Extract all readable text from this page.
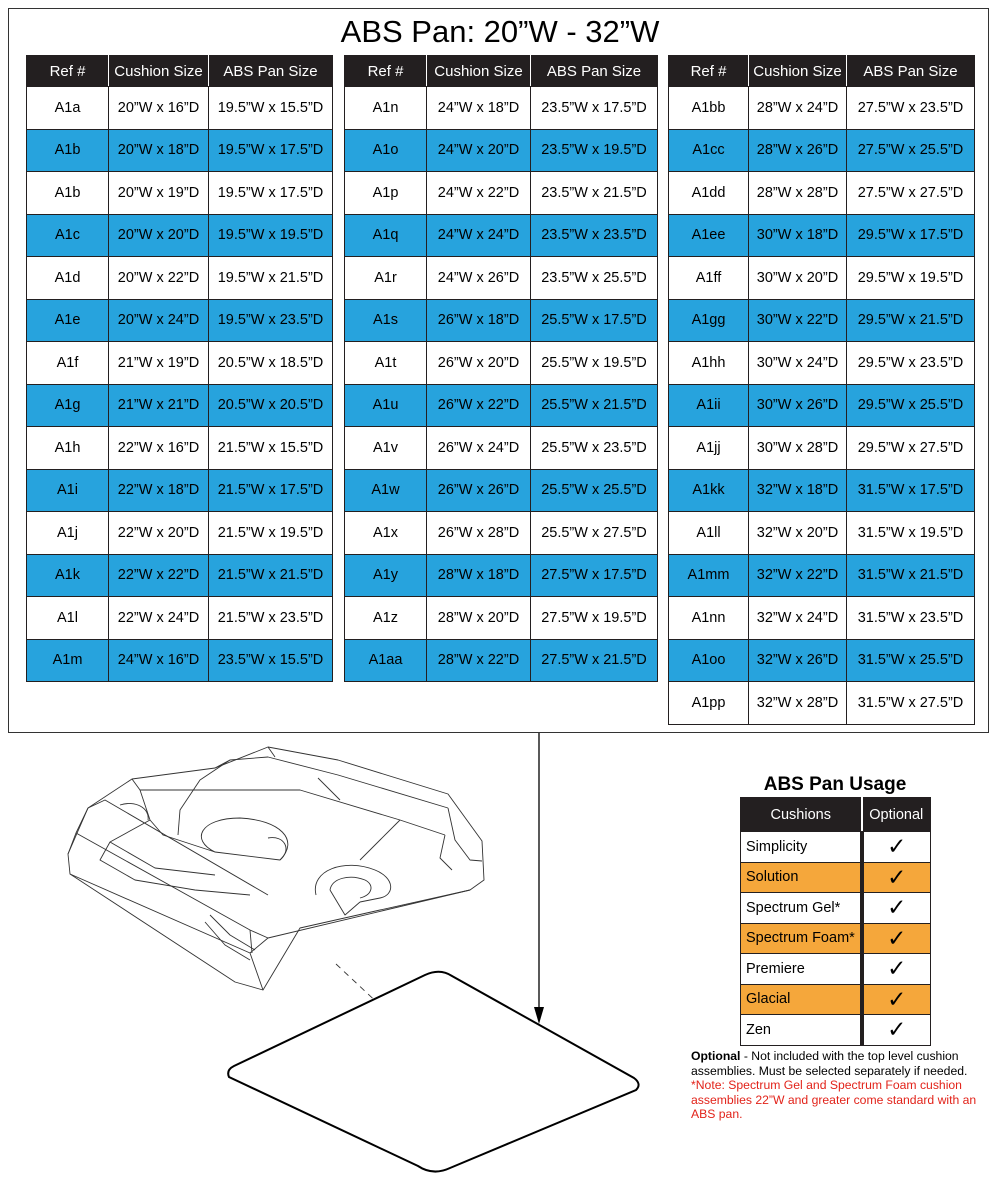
ABS Pan: 20”W - 32”W
Ref #	Cushion Size	ABS Pan Size
A1a	20”W x 16”D	19.5”W x 15.5”D
A1b	20”W x 18”D	19.5”W x 17.5”D
A1b	20”W x 19”D	19.5”W x 17.5”D
A1c	20”W x 20”D	19.5”W x 19.5”D
A1d	20”W x 22”D	19.5”W x 21.5”D
A1e	20”W x 24”D	19.5”W x 23.5”D
A1f	21”W x 19”D	20.5”W x 18.5”D
A1g	21”W x 21”D	20.5”W x 20.5”D
A1h	22”W x 16”D	21.5”W x 15.5”D
A1i	22”W x 18”D	21.5”W x 17.5”D
A1j	22”W x 20”D	21.5”W x 19.5”D
A1k	22”W x 22”D	21.5”W x 21.5”D
A1l	22”W x 24”D	21.5”W x 23.5”D
A1m	24”W x 16”D	23.5”W x 15.5”D
Ref #	Cushion Size	ABS Pan Size
A1n	24”W x 18”D	23.5”W x 17.5”D
A1o	24”W x 20”D	23.5”W x 19.5”D
A1p	24”W x 22”D	23.5”W x 21.5”D
A1q	24”W x 24”D	23.5”W x 23.5”D
A1r	24”W x 26”D	23.5”W x 25.5”D
A1s	26”W x 18”D	25.5”W x 17.5”D
A1t	26”W x 20”D	25.5”W x 19.5”D
A1u	26”W x 22”D	25.5”W x 21.5”D
A1v	26”W x 24”D	25.5”W x 23.5”D
A1w	26”W x 26”D	25.5”W x 25.5”D
A1x	26”W x 28”D	25.5”W x 27.5”D
A1y	28”W x 18”D	27.5”W x 17.5”D
A1z	28”W x 20”D	27.5”W x 19.5”D
A1aa	28”W x 22”D	27.5”W x 21.5”D
Ref #	Cushion Size	ABS Pan Size
A1bb	28”W x 24”D	27.5”W x 23.5”D
A1cc	28”W x 26”D	27.5”W x 25.5”D
A1dd	28”W x 28”D	27.5”W x 27.5”D
A1ee	30”W x 18”D	29.5”W x 17.5”D
A1ff	30”W x 20”D	29.5”W x 19.5”D
A1gg	30”W x 22”D	29.5”W x 21.5”D
A1hh	30”W x 24”D	29.5”W x 23.5”D
A1ii	30”W x 26”D	29.5”W x 25.5”D
A1jj	30”W x 28”D	29.5”W x 27.5”D
A1kk	32”W x 18”D	31.5”W x 17.5”D
A1ll	32”W x 20”D	31.5”W x 19.5”D
A1mm	32”W x 22”D	31.5”W x 21.5”D
A1nn	32”W x 24”D	31.5”W x 23.5”D
A1oo	32”W x 26”D	31.5”W x 25.5”D
A1pp	32”W x 28”D	31.5”W x 27.5”D
ABS Pan Usage
Cushions	Optional
Simplicity	✓
Solution	✓
Spectrum Gel*	✓
Spectrum Foam*	✓
Premiere	✓
Glacial	✓
Zen	✓
Optional - Not included with the top level cushion assemblies. Must be selected separately if needed.
*Note: Spectrum Gel and Spectrum Foam cushion assemblies 22”W and greater come standard with an ABS pan.
